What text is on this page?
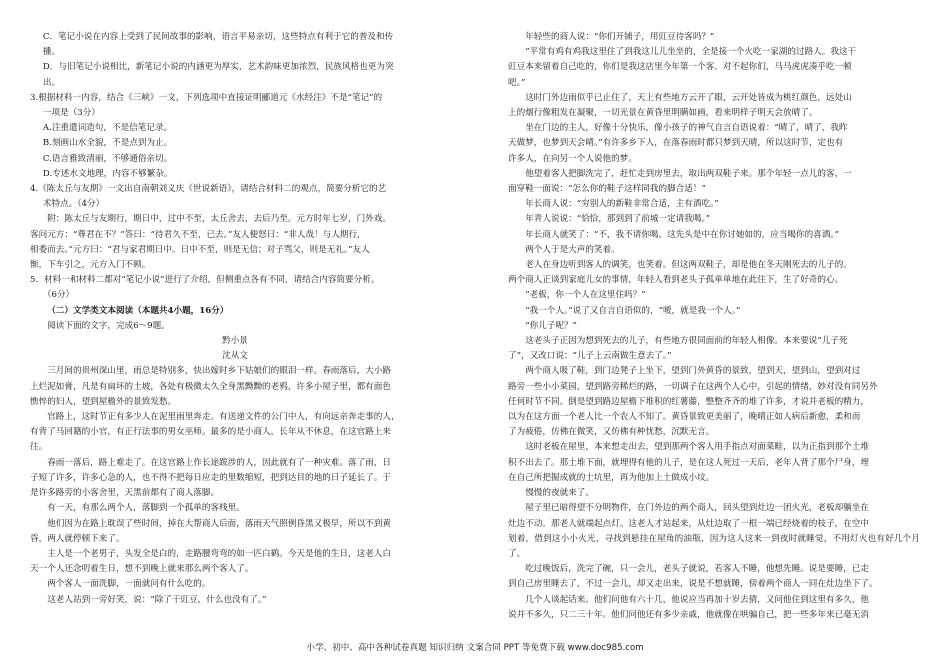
C．笔记小说在内容上受到了民间故事的影响，语言平易亲切，这些特点有利于它的普及和传

播。

D．与旧笔记小说相比，新笔记小说的内涵更为厚实，艺术韵味更加浓烈，民族风格也更为突

出。

3.根据材料一内容，结合《三峡》一文，下列选项中直接证明郦道元《水经注》不是“笔记”的

一项是（3分）

A.注重遣词造句，不是信笔记录。

B.刻画山水全貌，不是点到为止。

C.语言雅致清丽，不够通俗亲切。

D.专述水文地理，内容不够繁杂。

4.《陈太丘与友期》一文出自南朝刘义庆《世说新语》，请结合材料二的观点，简要分析它的艺

术特点。（4分）

附：陈太丘与友期行，期日中，过中不至，太丘舍去，去后乃至。元方时年七岁，门外戏。

客问元方：“尊君在不？”答曰：“待君久不至，已去。”友人便怒曰：“非人哉！与人期行，

相委而去。”元方曰：“君与家君期日中。日中不至，则是无信；对子骂父，则是无礼。”友人

惭，下车引之，元方入门不顾。

5．材料一和材料二都对“笔记小说”进行了介绍，但侧重点各有不同，请结合内容简要分析。

（6分）

（二）文学类文本阅读（本题共4小题，16分）

阅读下面的文字，完成6～9题。

黔小景

沈从文

三月间的贵州深山里，雨总是特别多，快出嫁时乡下姑娘们的眼泪一样。春雨落后，大小路

上烂泥如膏，凡是有扁坏的土坡，各处有极微太久全身黑黝黝的老鸦，许多小屋子里，都有面色

憔悴的妇人，望到屋檐外的景致发愁。

官路上，这时节正有多少人在泥里雨里奔走。有送递文件的公门中人，有向远亲奔走事的人，

有背了马回籍的小官，有正行法事的男女巫师。最多的是小商人，长年从不休息，在这官路上来

往。

春雨一落后，路上难走了。在这官路上作长途跋涉的人，因此就有了一种灾难。落了雨，日

子短了许多，许多心急的人，也不得不把每日应走的里数缩短，把到达目的地的日子延长了。于

是许多路旁的小客舍里，天黑前都有了商人落脚。

有一天，有那么两个人，落脚到一个孤单的客栈里。

他们因为在路上耽误了些时间，掉在大帮商人后面，落雨天气照例昏黑又极早，所以不到黄

昏，两人就停顿下来了。

主人是一个老男子，头发全是白的，走路腰弯弯的如一匹白鹤。今天是他的生日，这老人白

天一个人还念叨着生日，想不到晚上就来那么两个客人了。

两个客人一面洗脚，一面就问有什么吃的。

这老人站到一旁好笑，说：“除了干豇豆，什么也没有了。”

年轻些的商人说：“你们开铺子，用豇豆待客吗？”

“平常有鸡有鸡我这里住了到我这儿儿坐坐的，全是接一个火吃一家湖的过路人。我这干

豇豆本来留着自己吃的，你们是我这店里今年第一个客。对不起你们，马马虎虎凑乎吃一顿

吧。”

这时门外边雨似乎已止住了，天上有些地方云开了眼，云开处皆成为桃红颜色，远处山

上的烟行像粗发在凝聚，一切光景在黄昏里明瞒如画，看来明样子明天会放晴了。

坐在门边的主人，好像十分快乐，像小孩子的神气自言自语说着：“晴了，晴了，我昨

天做梦，也梦到天会晴。”有许多乡下人，在落春雨时都只梦到天晴，所以这时节，定也有

许多人，在向另一个人说他的梦。

他望着客人把脚洗完了，赶忙走到房里去，取出两双鞋子来。那个年轻一点儿的客，一

面穿鞋一面说：“怎么你的鞋子这样同我的脚合适！”

年长商人说：“穷别人的新鞋非常合适，主有酒吃。”

年青人说说：“恰恰，那到到了前城一定请我喝。”

年长商人就笑了：“不，我不请你喝。这先头是中在你讨她如的，应当喝你的喜酒。”

两个人于是大声的笑着。

老人在身边听到客人的调笑，也笑着。但这两双鞋子，却是他在冬天刚死去的儿子的。

两个商人正谈到家庭儿女的事情，年轻人看到老头子孤单单地在此住下，生了好奇的心。

“老板，你一个人在这里住吗？”

“我一个人。”说了又自言自语似的，“嗳，就是我一个人。”

“你儿子呢？”

这老头子正因为想到死去的儿子，有些地方很同面前的年轻人相像。本来要说“儿子死

了”，又改口说：“儿子上云南做生意去了。”

两个商人吸了鞋，到门边凳子上坐下，望到门外黄昏的景致，望到天，望到山，望到对过

路旁一些小小菜园，望到路旁稀烂的路，一切调子在这两个人心中，引起的情绪，妙对没有同另外

任何时节不同。倒是望到路边屋檐下堆积的红薯藤，整整齐齐的堆了许多，才说并老板的精力，

以为在这方面一个老人比一个农人不知了。黄昏景致更美丽了，晚晴正如人病后新愈，柔和而

了为疲倦，仿佛在微笑，又仿佛有种忧愁，沉默无言。

这时老板在屋里，本来想走出去，望到那两个客人用手指点对面菜畦，以为正指到那个土堆

积不出去了。那土堆下面，就埋得有他的儿子，是在这人死过一天后，老年人背了那个尸身，埋

在自己所把掘成就的土坑里，再为他加上土做成小坟。

慢慢的夜就来了。

屋子里已暗得望不分明物件，在门外边的两个商人，回头望到灶边一团火光，老板却躺坐在

灶边不动。那老人就端起点灯。这老人才站起来，从灶边取了一根一端已经烧着的枝子，在空中

划着，借到这小小火光，寻找到悬挂在屋角的油瓶，因为这人这来一到夜时就睡觉，不用灯火也有好几个月了。

吃过晚饭后，洗完了碗，只一会儿，老头子就说，若客人不睡，他想先睡。说是要睡，已走

到自己房里睡去了，不过一会儿，却又走出来，说是不想就睡，傍着两个商人一同在灶边坐下了。

几个人谈起话来。他们问他有六十几，他说应当再加十岁去猜，又问他住到这里有多久，他

说并不多久，只二三十年。他们问他还有多少亲戚，他就像在哄骗自己，把一些多年来已毫无消

小学、初中、高中各种试卷真题 知识归纳 文案合同 PPT 等免费下载 www.doc985.com
